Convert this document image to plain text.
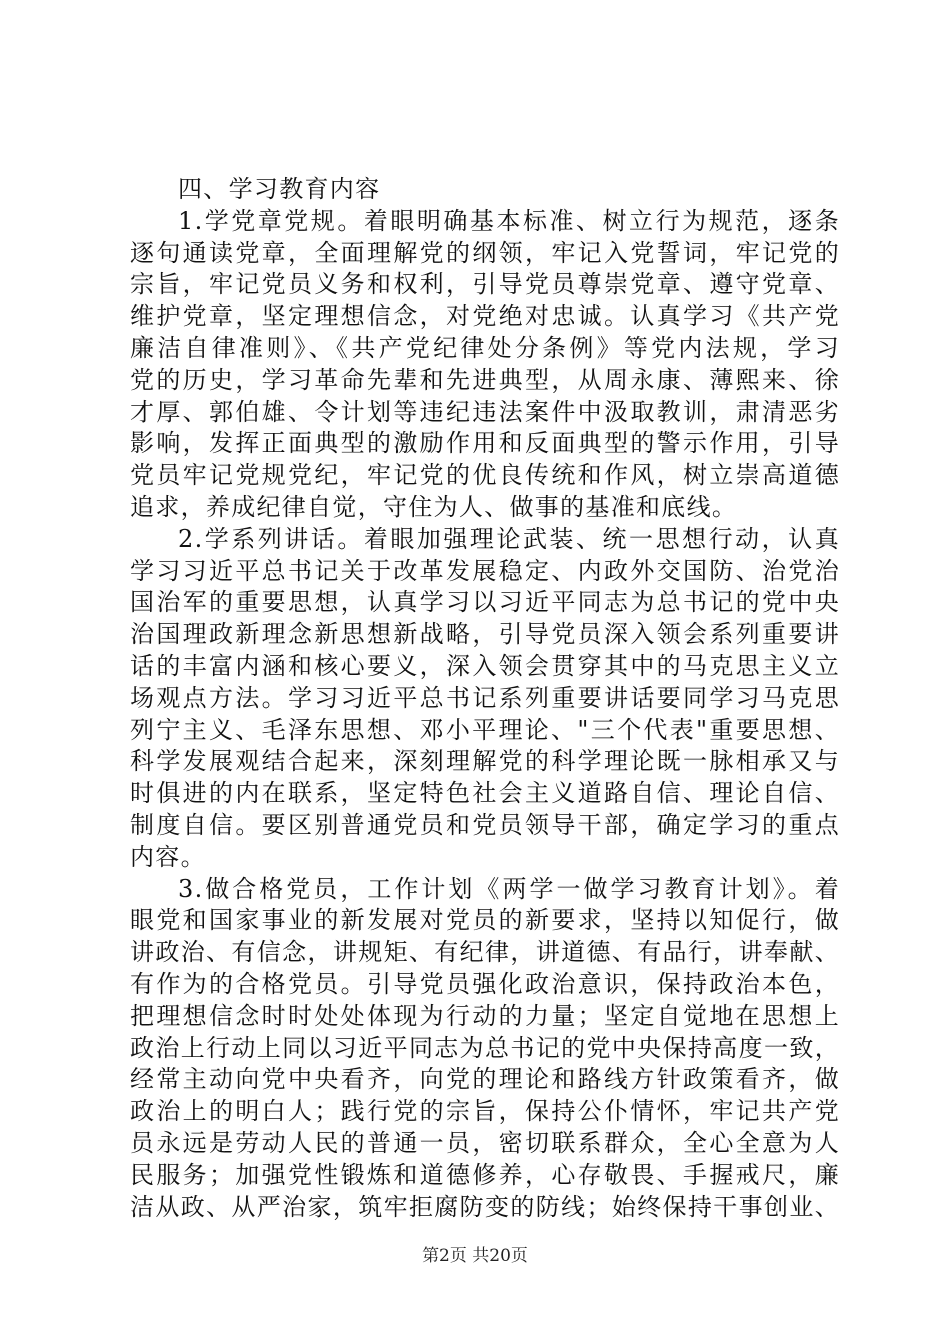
四、学习教育内容
1.学党章党规。着眼明确基本标准、树立行为规范，逐条
逐句通读党章，全面理解党的纲领，牢记入党誓词，牢记党的
宗旨，牢记党员义务和权利，引导党员尊崇党章、遵守党章、
维护党章，坚定理想信念，对党绝对忠诚。认真学习《共产党
廉洁自律准则》、《共产党纪律处分条例》等党内法规，学习
党的历史，学习革命先辈和先进典型，从周永康、薄熙来、徐
才厚、郭伯雄、令计划等违纪违法案件中汲取教训，肃清恶劣
影响，发挥正面典型的激励作用和反面典型的警示作用，引导
党员牢记党规党纪，牢记党的优良传统和作风，树立崇高道德
追求，养成纪律自觉，守住为人、做事的基准和底线。
2.学系列讲话。着眼加强理论武装、统一思想行动，认真
学习习近平总书记关于改革发展稳定、内政外交国防、治党治
国治军的重要思想，认真学习以习近平同志为总书记的党中央
治国理政新理念新思想新战略，引导党员深入领会系列重要讲
话的丰富内涵和核心要义，深入领会贯穿其中的马克思主义立
场观点方法。学习习近平总书记系列重要讲话要同学习马克思
列宁主义、毛泽东思想、邓小平理论、"三个代表"重要思想、
科学发展观结合起来，深刻理解党的科学理论既一脉相承又与
时俱进的内在联系，坚定特色社会主义道路自信、理论自信、
制度自信。要区别普通党员和党员领导干部，确定学习的重点
内容。
3.做合格党员，工作计划《两学一做学习教育计划》。着
眼党和国家事业的新发展对党员的新要求，坚持以知促行，做
讲政治、有信念，讲规矩、有纪律，讲道德、有品行，讲奉献、
有作为的合格党员。引导党员强化政治意识，保持政治本色，
把理想信念时时处处体现为行动的力量；坚定自觉地在思想上
政治上行动上同以习近平同志为总书记的党中央保持高度一致，
经常主动向党中央看齐，向党的理论和路线方针政策看齐，做
政治上的明白人；践行党的宗旨，保持公仆情怀，牢记共产党
员永远是劳动人民的普通一员，密切联系群众，全心全意为人
民服务；加强党性锻炼和道德修养，心存敬畏、手握戒尺，廉
洁从政、从严治家，筑牢拒腐防变的防线；始终保持干事创业、
第2页 共20页
